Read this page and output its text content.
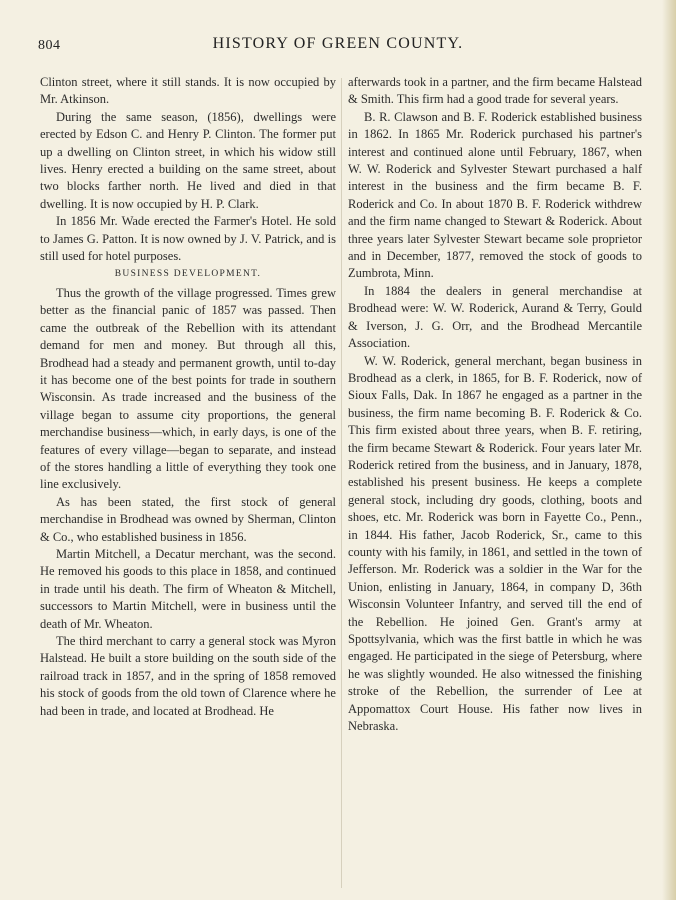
804	HISTORY OF GREEN COUNTY.

Clinton street, where it still stands. It is now occupied by Mr. Atkinson.

During the same season, (1856), dwellings were erected by Edson C. and Henry P. Clinton. The former put up a dwelling on Clinton street, in which his widow still lives. Henry erected a building on the same street, about two blocks farther north. He lived and died in that dwelling. It is now occupied by H. P. Clark.

In 1856 Mr. Wade erected the Farmer's Hotel. He sold to James G. Patton. It is now owned by J. V. Patrick, and is still used for hotel purposes.

BUSINESS DEVELOPMENT.

Thus the growth of the village progressed. Times grew better as the financial panic of 1857 was passed. Then came the outbreak of the Rebellion with its attendant demand for men and money. But through all this, Brodhead had a steady and permanent growth, until to-day it has become one of the best points for trade in southern Wisconsin. As trade increased and the business of the village began to assume city proportions, the general merchandise business—which, in early days, is one of the features of every village—began to separate, and instead of the stores handling a little of everything they took one line exclusively.

As has been stated, the first stock of general merchandise in Brodhead was owned by Sherman, Clinton & Co., who established business in 1856.

Martin Mitchell, a Decatur merchant, was the second. He removed his goods to this place in 1858, and continued in trade until his death. The firm of Wheaton & Mitchell, successors to Martin Mitchell, were in business until the death of Mr. Wheaton.

The third merchant to carry a general stock was Myron Halstead. He built a store building on the south side of the railroad track in 1857, and in the spring of 1858 removed his stock of goods from the old town of Clarence where he had been in trade, and located at Brodhead. He

afterwards took in a partner, and the firm became Halstead & Smith. This firm had a good trade for several years.

B. R. Clawson and B. F. Roderick established business in 1862. In 1865 Mr. Roderick purchased his partner's interest and continued alone until February, 1867, when W. W. Roderick and Sylvester Stewart purchased a half interest in the business and the firm became B. F. Roderick and Co. In about 1870 B. F. Roderick withdrew and the firm name changed to Stewart & Roderick. About three years later Sylvester Stewart became sole proprietor and in December, 1877, removed the stock of goods to Zumbrota, Minn.

In 1884 the dealers in general merchandise at Brodhead were: W. W. Roderick, Aurand & Terry, Gould & Iverson, J. G. Orr, and the Brodhead Mercantile Association.

W. W. Roderick, general merchant, began business in Brodhead as a clerk, in 1865, for B. F. Roderick, now of Sioux Falls, Dak. In 1867 he engaged as a partner in the business, the firm name becoming B. F. Roderick & Co. This firm existed about three years, when B. F. retiring, the firm became Stewart & Roderick. Four years later Mr. Roderick retired from the business, and in January, 1878, established his present business. He keeps a complete general stock, including dry goods, clothing, boots and shoes, etc. Mr. Roderick was born in Fayette Co., Penn., in 1844. His father, Jacob Roderick, Sr., came to this county with his family, in 1861, and settled in the town of Jefferson. Mr. Roderick was a soldier in the War for the Union, enlisting in January, 1864, in company D, 36th Wisconsin Volunteer Infantry, and served till the end of the Rebellion. He joined Gen. Grant's army at Spottsylvania, which was the first battle in which he was engaged. He participated in the siege of Petersburg, where he was slightly wounded. He also witnessed the finishing stroke of the Rebellion, the surrender of Lee at Appomattox Court House. His father now lives in Nebraska.
